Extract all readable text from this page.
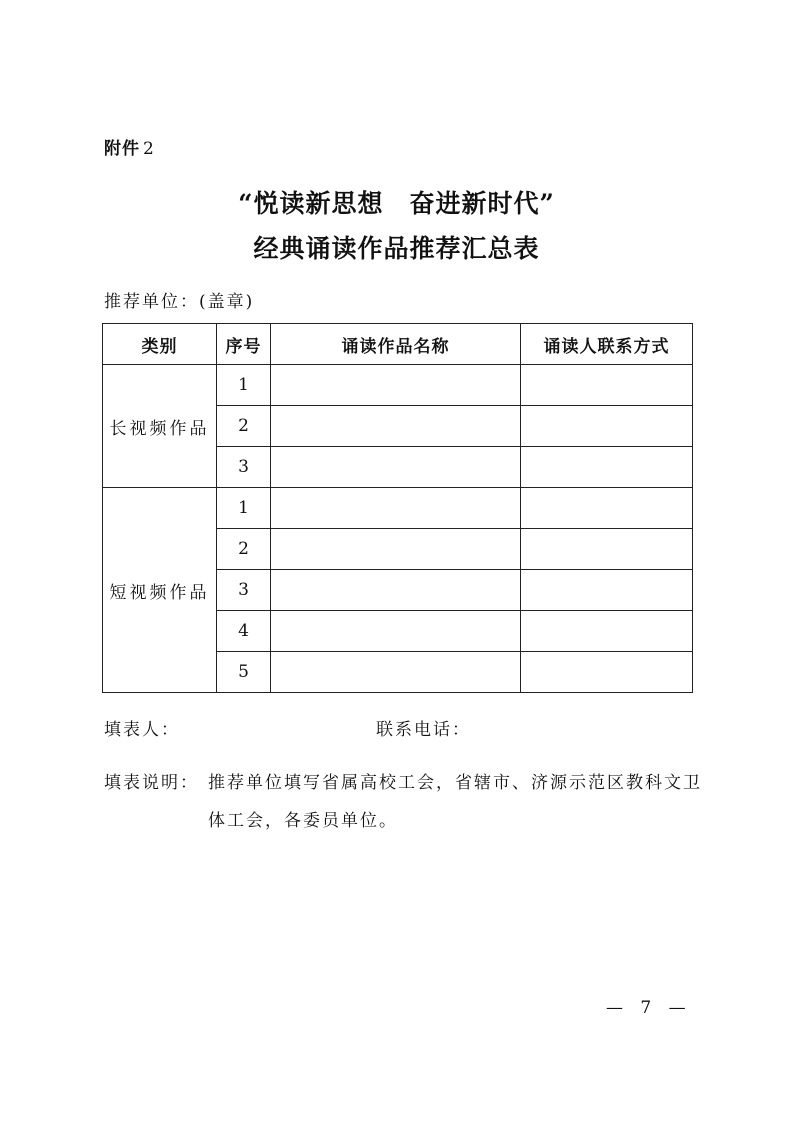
附件 2
“悦读新思想　奋进新时代”
经典诵读作品推荐汇总表
推荐单位：(盖章)
类别	序号	诵读作品名称	诵读人联系方式
长视频作品	1		
	2		
	3		
短视频作品	1		
	2		
	3		
	4		
	5		
填表人：	联系电话：
填表说明： 推荐单位填写省属高校工会，省辖市、济源示范区教科文卫体工会，各委员单位。
— 7 —
